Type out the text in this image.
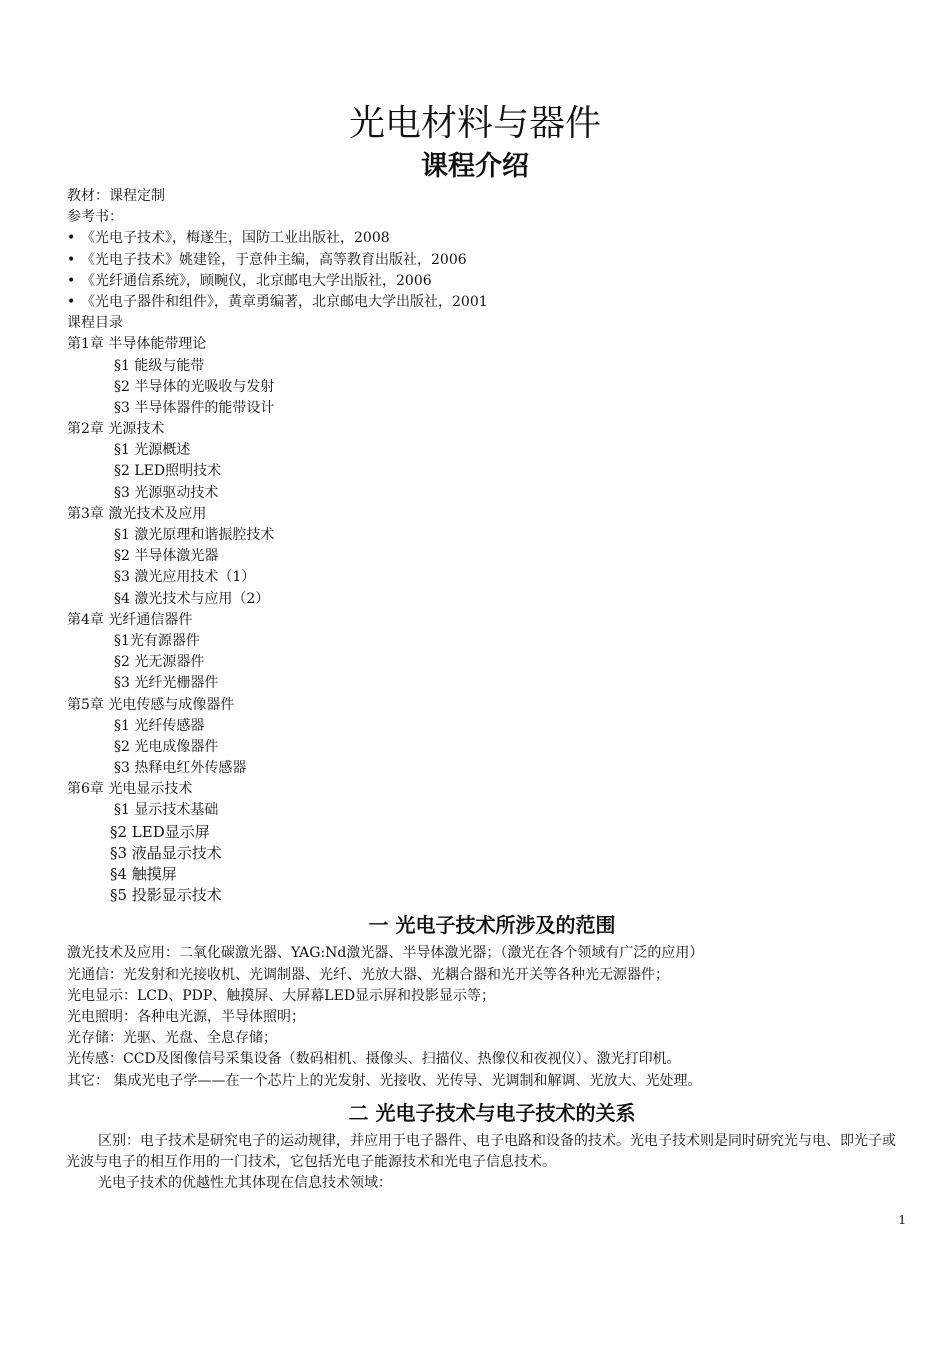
光电材料与器件
课程介绍
教材：课程定制
参考书：
• 《光电子技术》，梅遂生，国防工业出版社，2008
• 《光电子技术》姚建铨，于意仲主编，高等教育出版社，2006
• 《光纤通信系统》，顾畹仪，北京邮电大学出版社，2006
• 《光电子器件和组件》，黄章勇编著，北京邮电大学出版社，2001
课程目录
第1章 半导体能带理论
§1 能级与能带
§2 半导体的光吸收与发射
§3 半导体器件的能带设计
第2章 光源技术
§1 光源概述
§2 LED照明技术
§3 光源驱动技术
第3章 激光技术及应用
§1 激光原理和谐振腔技术
§2 半导体激光器
§3 激光应用技术（1）
§4 激光技术与应用（2）
第4章 光纤通信器件
§1光有源器件
§2 光无源器件
§3 光纤光栅器件
第5章 光电传感与成像器件
§1 光纤传感器
§2 光电成像器件
§3 热释电红外传感器
第6章 光电显示技术
§1 显示技术基础
§2 LED显示屏
§3 液晶显示技术
§4 触摸屏
§5 投影显示技术
一 光电子技术所涉及的范围
激光技术及应用：二氧化碳激光器、YAG:Nd激光器、半导体激光器；（激光在各个领域有广泛的应用）
光通信：光发射和光接收机、光调制器、光纤、光放大器、光耦合器和光开关等各种光无源器件；
光电显示：LCD、PDP、触摸屏、大屏幕LED显示屏和投影显示等；
光电照明：各种电光源，半导体照明；
光存储：光驱、光盘、全息存储；
光传感：CCD及图像信号采集设备（数码相机、摄像头、扫描仪、热像仪和夜视仪）、激光打印机。
其它： 集成光电子学——在一个芯片上的光发射、光接收、光传导、光调制和解调、光放大、光处理。
二 光电子技术与电子技术的关系
区别：电子技术是研究电子的运动规律，并应用于电子器件、电子电路和设备的技术。光电子技术则是同时研究光与电、即光子或光波与电子的相互作用的一门技术，它包括光电子能源技术和光电子信息技术。
光电子技术的优越性尤其体现在信息技术领域：
1
